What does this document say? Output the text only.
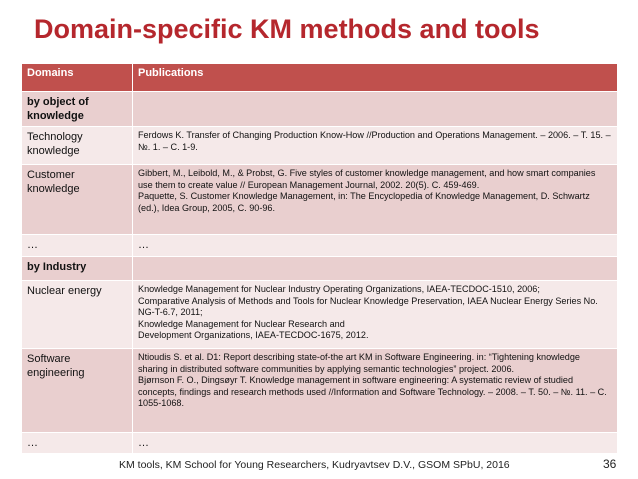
Domain-specific KM methods and tools
Domains	Publications
by object of knowledge	
Technology knowledge	Ferdows K. Transfer of Changing Production Know-How //Production and Operations Management. – 2006. – Т. 15. – №. 1. – С. 1-9.

Customer knowledge	Gibbert, M., Leibold, M., & Probst, G. Five styles of customer knowledge management, and how smart companies use them to create value // European Management Journal, 2002. 20(5). C. 459-469.
Paquette, S. Customer Knowledge Management, in: The Encyclopedia of Knowledge Management, D. Schwartz (ed.), Idea Group, 2005, C. 90-96.

…	…
by Industry	
Nuclear energy	Knowledge Management for Nuclear Industry Operating Organizations, IAEA-TECDOC-1510, 2006;
Comparative Analysis of Methods and Tools for Nuclear Knowledge Preservation, IAEA Nuclear Energy Series No. NG-T-6.7, 2011;
Knowledge Management for Nuclear Research and
Development Organizations, IAEA-TECDOC-1675, 2012.

Software engineering	Ntioudis S. et al. D1: Report describing state-of-the art KM in Software Engineering. in: “Tightening knowledge sharing in distributed software communities by applying semantic technologies” project. 2006.
Bjørnson F. O., Dingsøyr T. Knowledge management in software engineering: A systematic review of studied concepts, findings and research methods used //Information and Software Technology. – 2008. – Т. 50. – №. 11. – С. 1055-1068.

…	…
KM tools, KM School for Young Researchers, Kudryavtsev D.V., GSOM SPbU, 2016	36
